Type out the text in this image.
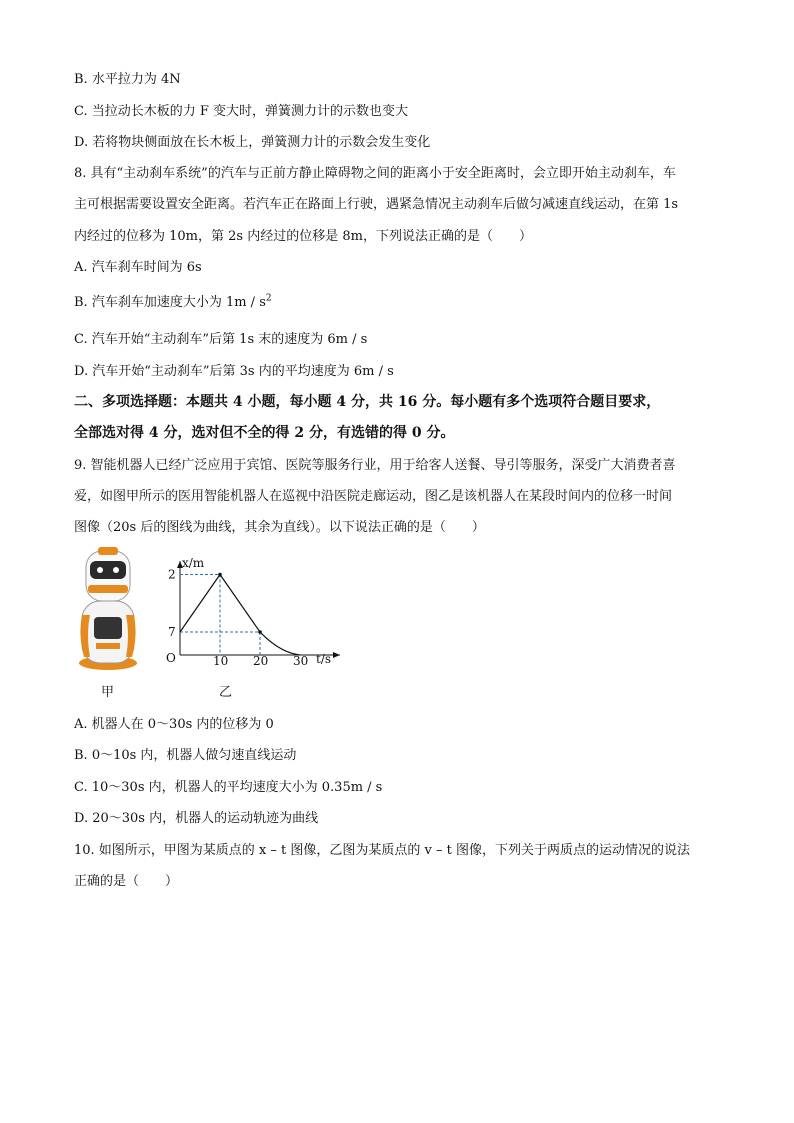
B. 水平拉力为 4N
C. 当拉动长木板的力 F 变大时，弹簧测力计的示数也变大
D. 若将物块侧面放在长木板上，弹簧测力计的示数会发生变化
8. 具有“主动刹车系统”的汽车与正前方静止障碍物之间的距离小于安全距离时，会立即开始主动刹车，车
主可根据需要设置安全距离。若汽车正在路面上行驶，遇紧急情况主动刹车后做匀减速直线运动，在第 1s
内经过的位移为 10m，第 2s 内经过的位移是 8m，下列说法正确的是（　　）
A. 汽车刹车时间为 6s
B. 汽车刹车加速度大小为 $1m / s^2$
C. 汽车开始“主动刹车”后第 1s 末的速度为 6m / s
D. 汽车开始“主动刹车”后第 3s 内的平均速度为 6m / s
二、多项选择题：本题共 4 小题，每小题 4 分，共 16 分。每小题有多个选项符合题目要求，
全部选对得 4 分，选对但不全的得 2 分，有选错的得 0 分。
9. 智能机器人已经广泛应用于宾馆、医院等服务行业，用于给客人送餐、导引等服务，深受广大消费者喜
爱，如图甲所示的医用智能机器人在巡视中沿医院走廊运动，图乙是该机器人在某段时间内的位移一时间
图像（20s 后的图线为曲线，其余为直线）。以下说法正确的是（　　）
甲
x/m
t/s
O
2
7
10 20 30
乙
A. 机器人在 0～30s 内的位移为 0
B. 0～10s 内，机器人做匀速直线运动
C. 10～30s 内，机器人的平均速度大小为 0.35m / s
D. 20～30s 内，机器人的运动轨迹为曲线
10. 如图所示，甲图为某质点的 x – t 图像，乙图为某质点的 v – t 图像，下列关于两质点的运动情况的说法
正确的是（　　）
